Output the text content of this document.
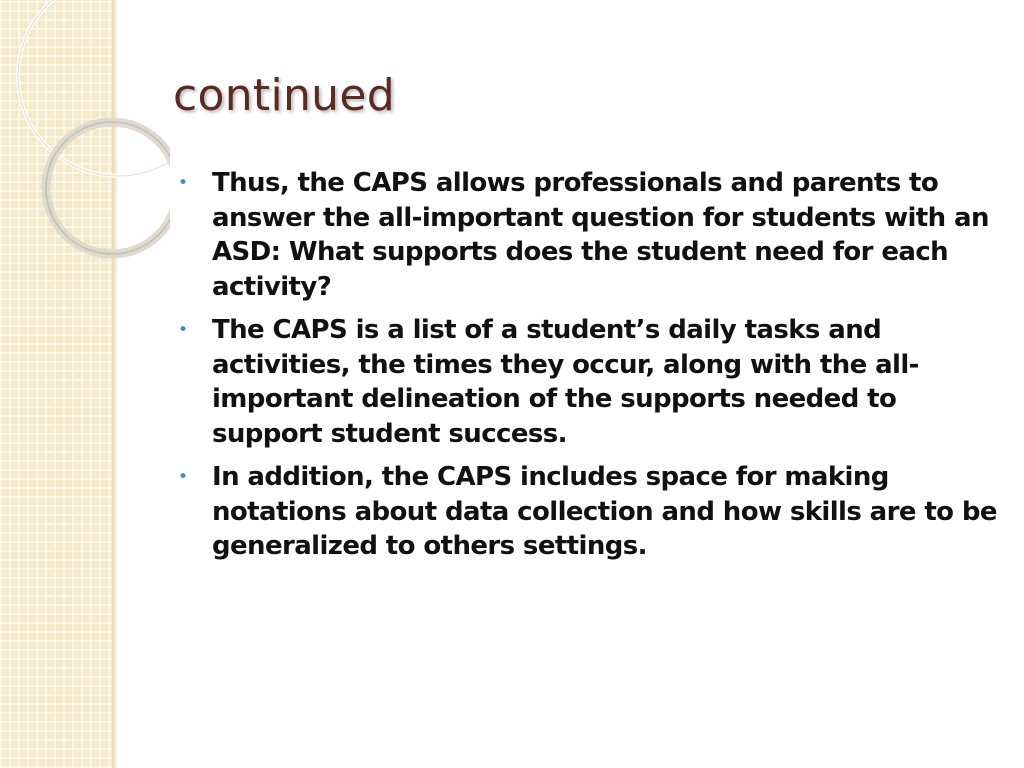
continued
• Thus, the CAPS allows professionals and parents to answer the all-important question for students with an ASD: What supports does the student need for each activity?
• The CAPS is a list of a student’s daily tasks and activities, the times they occur, along with the all-important delineation of the supports needed to support student success.
• In addition, the CAPS includes space for making notations about data collection and how skills are to be generalized to others settings.
